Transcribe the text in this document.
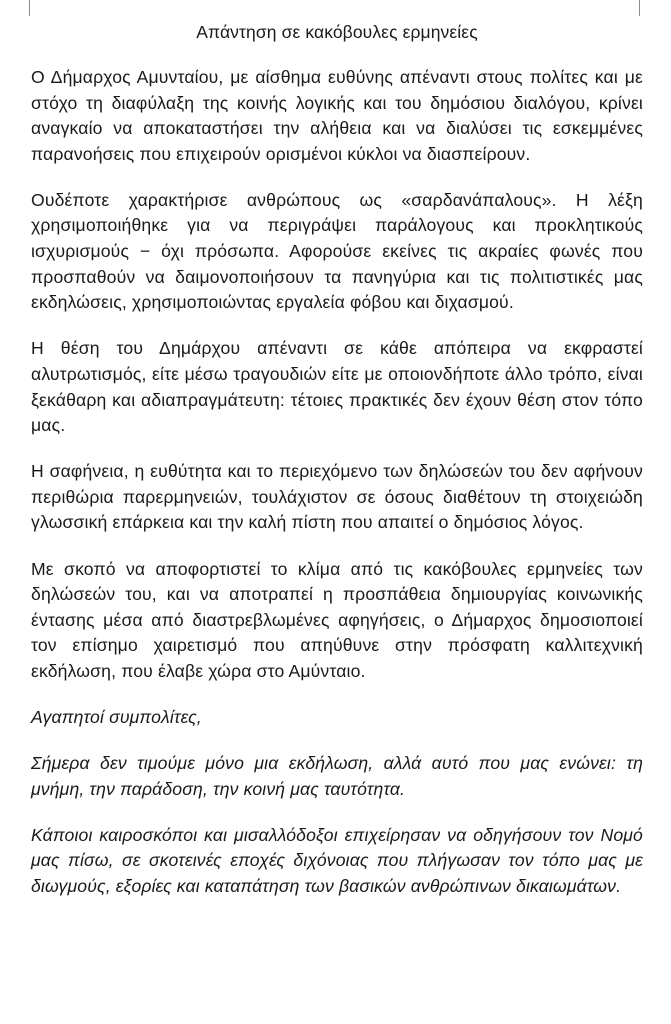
Απάντηση σε κακόβουλες ερμηνείες

Ο Δήμαρχος Αμυνταίου, με αίσθημα ευθύνης απέναντι στους πολίτες και με στόχο τη διαφύλαξη της κοινής λογικής και του δημόσιου διαλόγου, κρίνει αναγκαίο να αποκαταστήσει την αλήθεια και να διαλύσει τις εσκεμμένες παρανοήσεις που επιχειρούν ορισμένοι κύκλοι να διασπείρουν.

Ουδέποτε χαρακτήρισε ανθρώπους ως «σαρδανάπαλους». Η λέξη χρησιμοποιήθηκε για να περιγράψει παράλογους και προκλητικούς ισχυρισμούς − όχι πρόσωπα. Αφορούσε εκείνες τις ακραίες φωνές που προσπαθούν να δαιμονοποιήσουν τα πανηγύρια και τις πολιτιστικές μας εκδηλώσεις, χρησιμοποιώντας εργαλεία φόβου και διχασμού.

Η θέση του Δημάρχου απέναντι σε κάθε απόπειρα να εκφραστεί αλυτρωτισμός, είτε μέσω τραγουδιών είτε με οποιονδήποτε άλλο τρόπο, είναι ξεκάθαρη και αδιαπραγμάτευτη: τέτοιες πρακτικές δεν έχουν θέση στον τόπο μας.

Η σαφήνεια, η ευθύτητα και το περιεχόμενο των δηλώσεών του δεν αφήνουν περιθώρια παρερμηνειών, τουλάχιστον σε όσους διαθέτουν τη στοιχειώδη γλωσσική επάρκεια και την καλή πίστη που απαιτεί ο δημόσιος λόγος.

Με σκοπό να αποφορτιστεί το κλίμα από τις κακόβουλες ερμηνείες των δηλώσεών του, και να αποτραπεί η προσπάθεια δημιουργίας κοινωνικής έντασης μέσα από διαστρεβλωμένες αφηγήσεις, ο Δήμαρχος δημοσιοποιεί τον επίσημο χαιρετισμό που απηύθυνε στην πρόσφατη καλλιτεχνική εκδήλωση, που έλαβε χώρα στο Αμύνταιο.

Αγαπητοί συμπολίτες,

Σήμερα δεν τιμούμε μόνο μια εκδήλωση, αλλά αυτό που μας ενώνει: τη μνήμη, την παράδοση, την κοινή μας ταυτότητα.

Κάποιοι καιροσκόποι και μισαλλόδοξοι επιχείρησαν να οδηγήσουν τον Νομό μας πίσω, σε σκοτεινές εποχές διχόνοιας που πλήγωσαν τον τόπο μας με διωγμούς, εξορίες και καταπάτηση των βασικών ανθρώπινων δικαιωμάτων.
